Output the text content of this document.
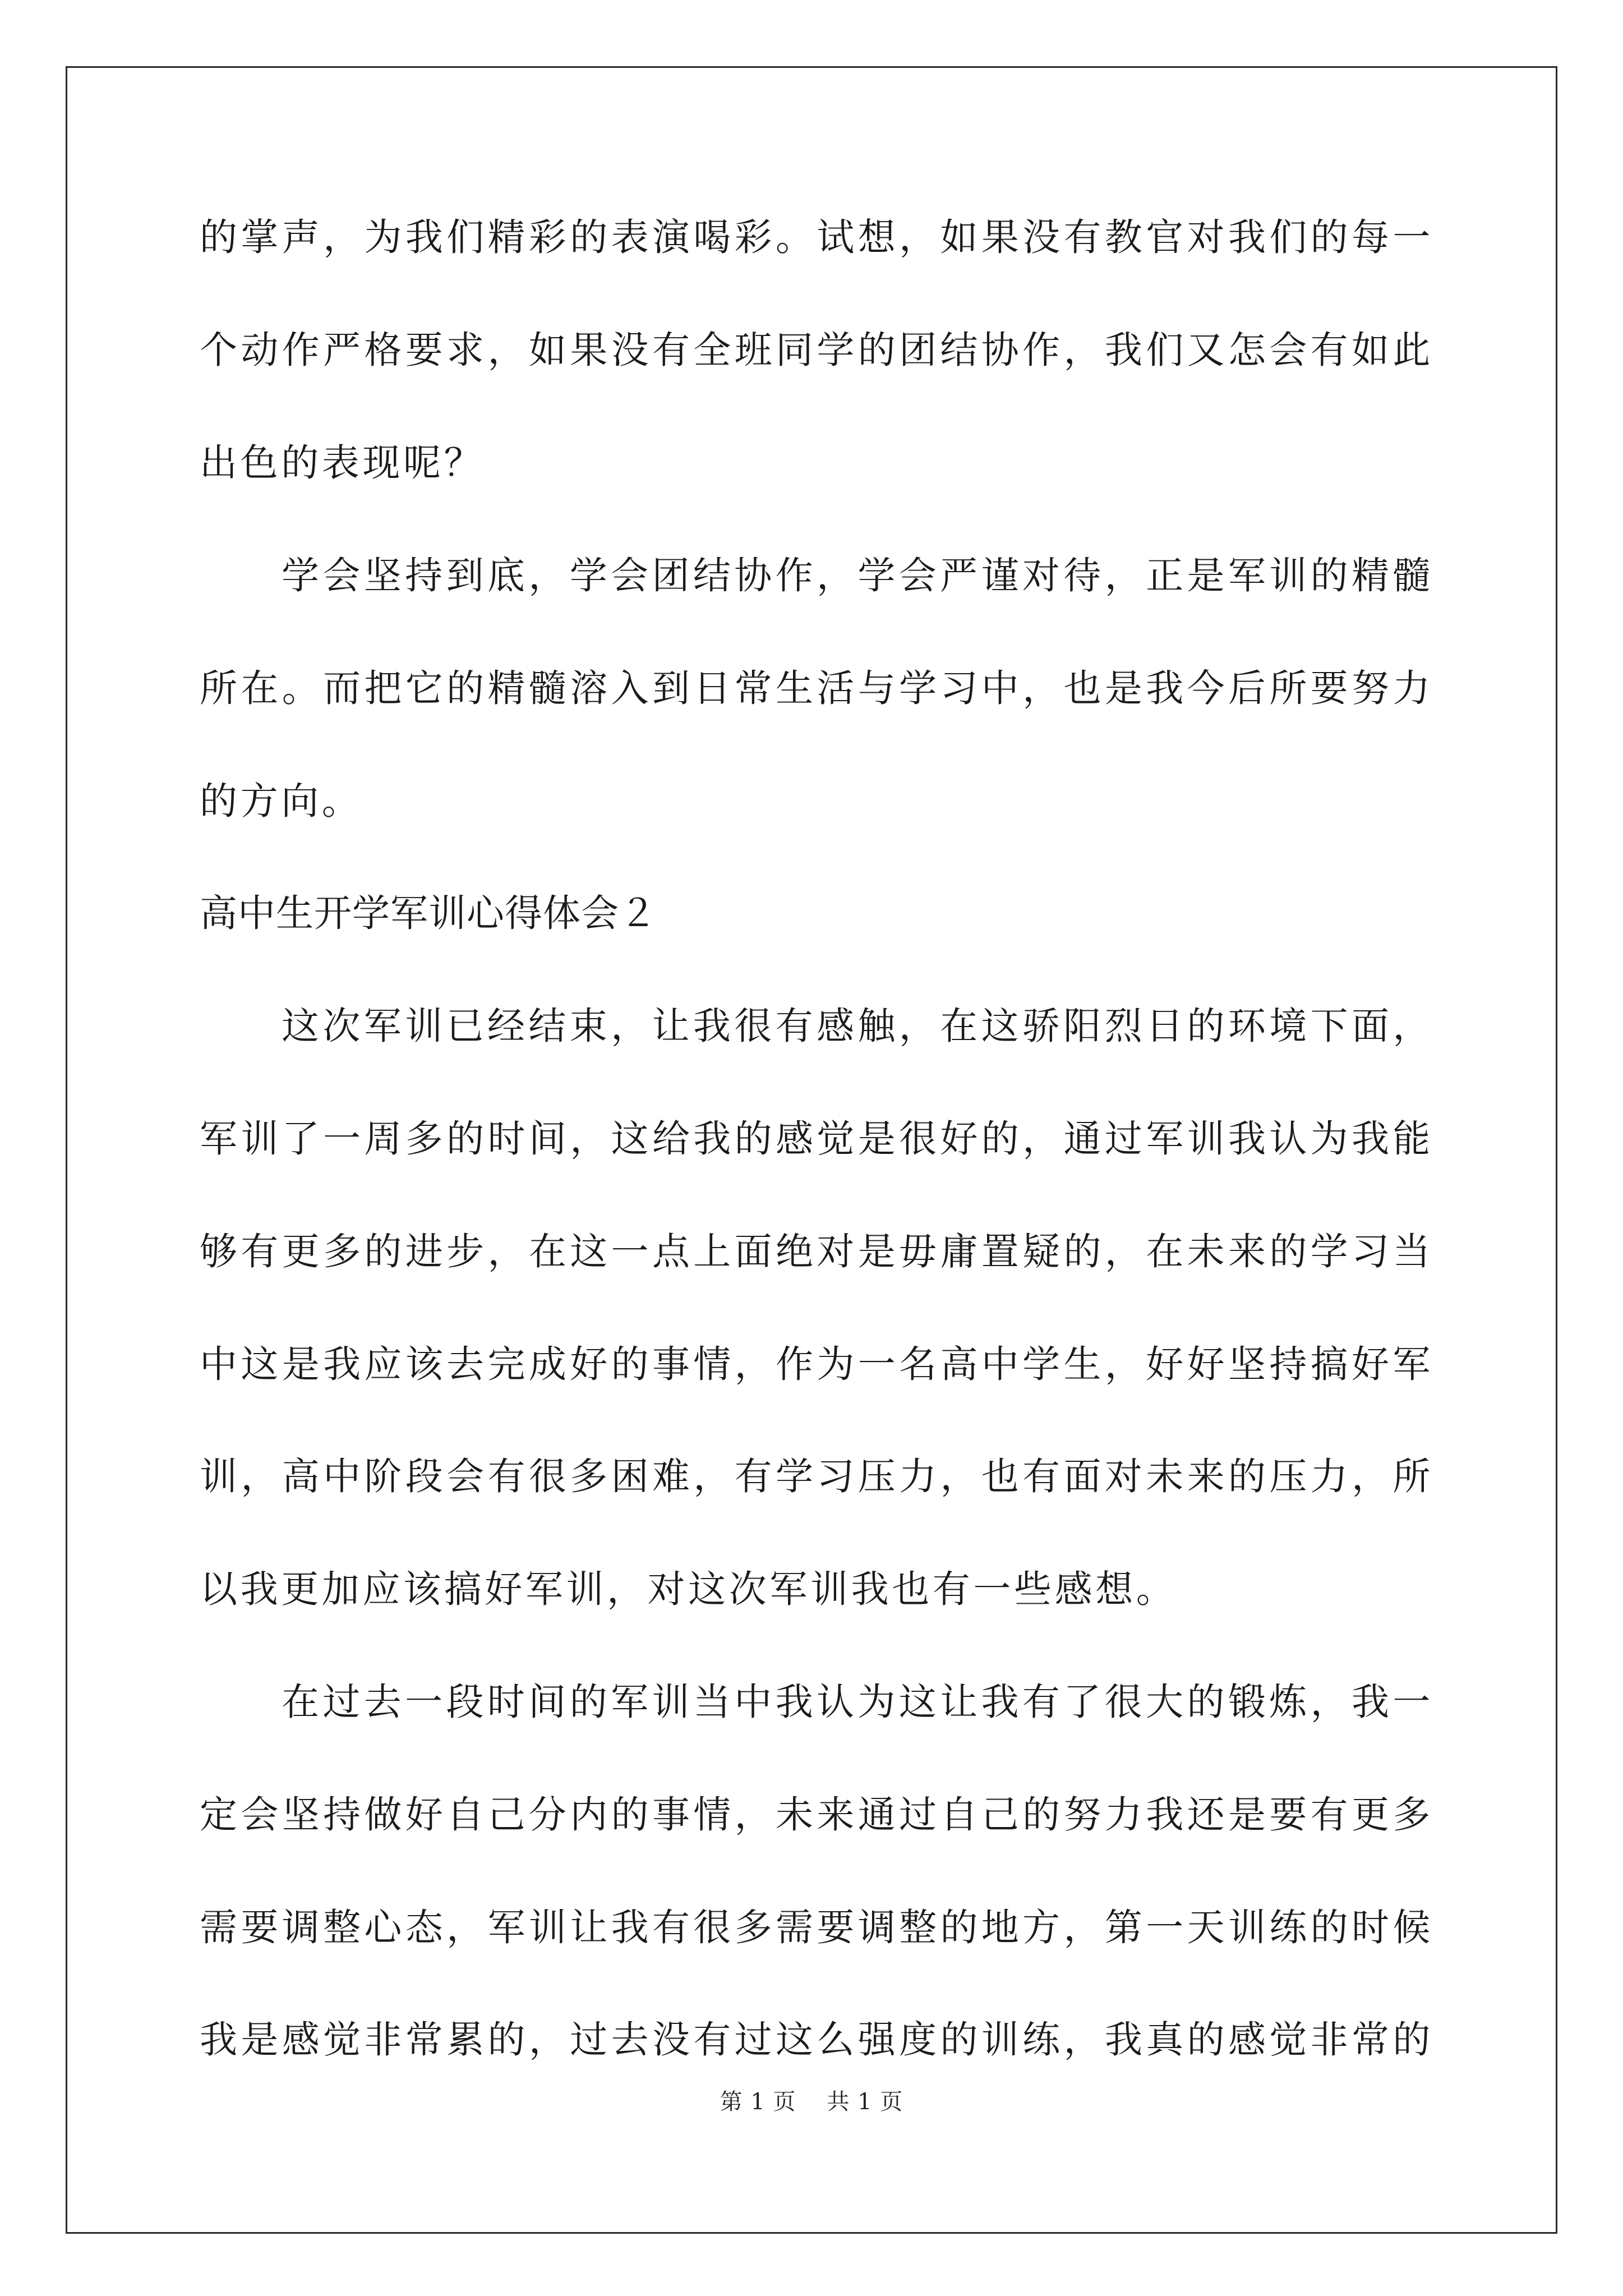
的掌声，为我们精彩的表演喝彩。试想，如果没有教官对我们的每一
个动作严格要求，如果没有全班同学的团结协作，我们又怎会有如此
出色的表现呢？
学会坚持到底，学会团结协作，学会严谨对待，正是军训的精髓
所在。而把它的精髓溶入到日常生活与学习中，也是我今后所要努力
的方向。
高中生开学军训心得体会２
这次军训已经结束，让我很有感触，在这骄阳烈日的环境下面，
军训了一周多的时间，这给我的感觉是很好的，通过军训我认为我能
够有更多的进步，在这一点上面绝对是毋庸置疑的，在未来的学习当
中这是我应该去完成好的事情，作为一名高中学生，好好坚持搞好军
训，高中阶段会有很多困难，有学习压力，也有面对未来的压力，所
以我更加应该搞好军训，对这次军训我也有一些感想。
在过去一段时间的军训当中我认为这让我有了很大的锻炼，我一
定会坚持做好自己分内的事情，未来通过自己的努力我还是要有更多
需要调整心态，军训让我有很多需要调整的地方，第一天训练的时候
我是感觉非常累的，过去没有过这么强度的训练，我真的感觉非常的
第 1 页 共 1 页
